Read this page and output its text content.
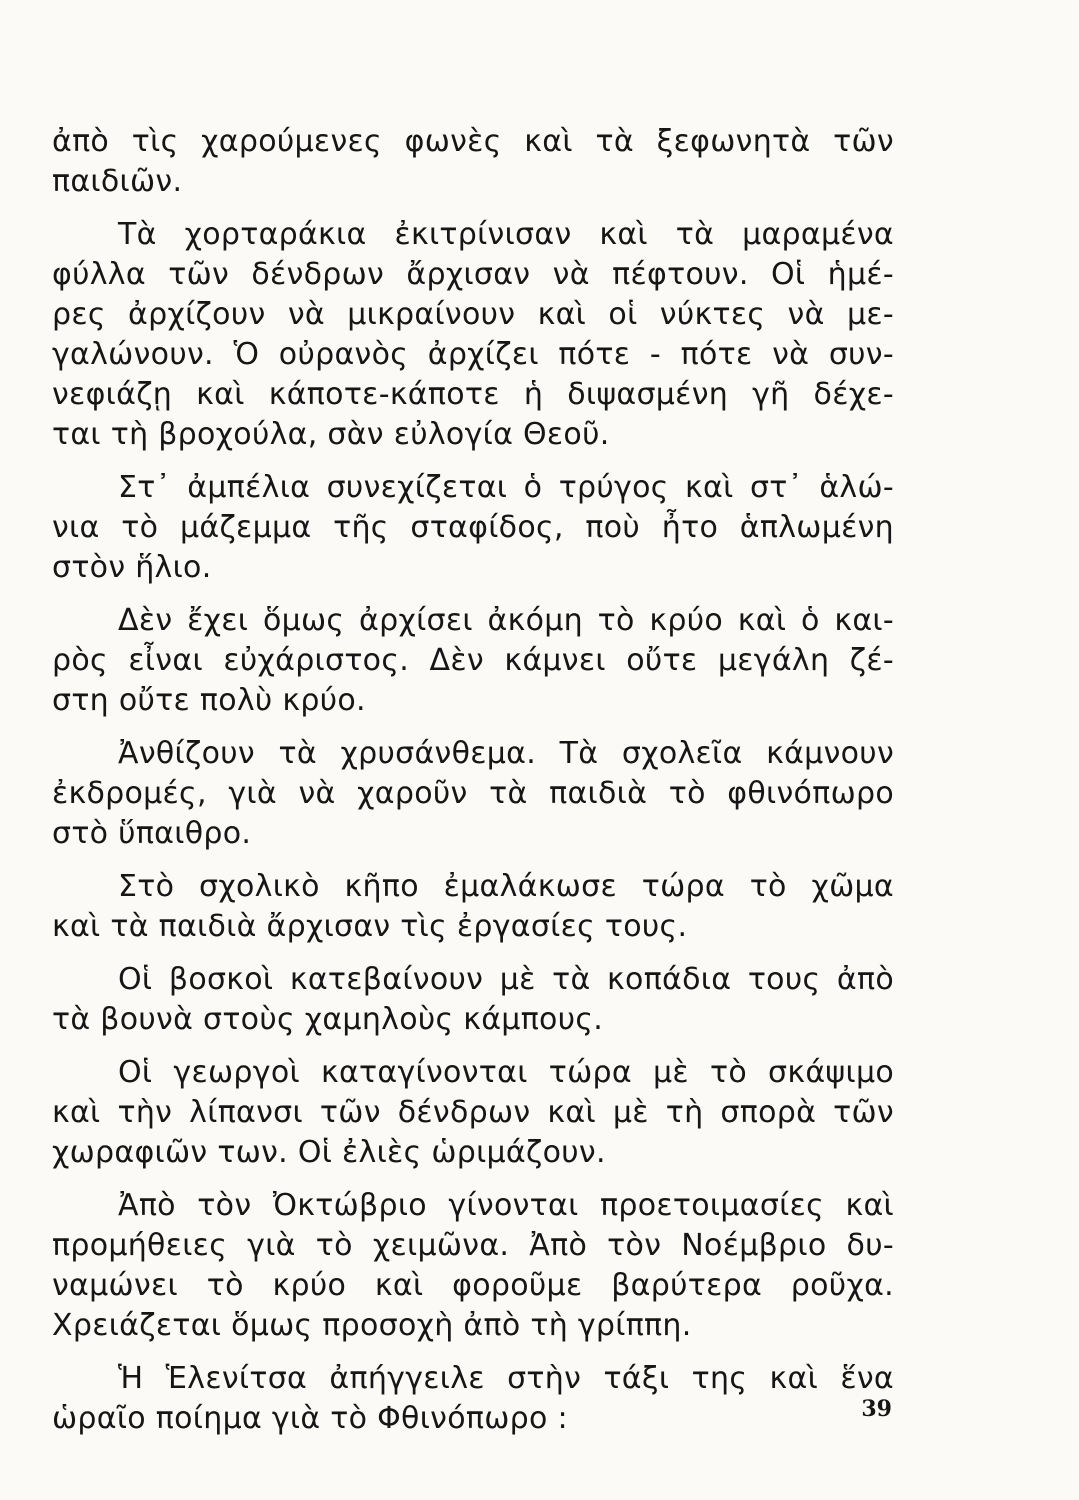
ἀπὸ τὶς χαρούμενες φωνὲς καὶ τὰ ξεφωνητὰ τῶν
παιδιῶν.
Τὰ χορταράκια ἐκιτρίνισαν καὶ τὰ μαραμένα
φύλλα τῶν δένδρων ἄρχισαν νὰ πέφτουν. Οἱ ἡμέ-
ρες ἀρχίζουν νὰ μικραίνουν καὶ οἱ νύκτες νὰ με-
γαλώνουν. Ὁ οὐρανὸς ἀρχίζει πότε - πότε νὰ συν-
νεφιάζῃ καὶ κάποτε-κάποτε ἡ διψασμένη γῆ δέχε-
ται τὴ βροχούλα, σὰν εὐλογία Θεοῦ.
Στ᾿ ἀμπέλια συνεχίζεται ὁ τρύγος καὶ στ᾿ ἁλώ-
νια τὸ μάζεμμα τῆς σταφίδος, ποὺ ἦτο ἁπλωμένη
στὸν ἥλιο.
Δὲν ἔχει ὅμως ἀρχίσει ἀκόμη τὸ κρύο καὶ ὁ και-
ρὸς εἶναι εὐχάριστος. Δὲν κάμνει οὔτε μεγάλη ζέ-
στη οὔτε πολὺ κρύο.
Ἀνθίζουν τὰ χρυσάνθεμα. Τὰ σχολεῖα κάμνουν
ἐκδρομές, γιὰ νὰ χαροῦν τὰ παιδιὰ τὸ φθινόπωρο
στὸ ὕπαιθρο.
Στὸ σχολικὸ κῆπο ἐμαλάκωσε τώρα τὸ χῶμα
καὶ τὰ παιδιὰ ἄρχισαν τὶς ἐργασίες τους.
Οἱ βοσκοὶ κατεβαίνουν μὲ τὰ κοπάδια τους ἀπὸ
τὰ βουνὰ στοὺς χαμηλοὺς κάμπους.
Οἱ γεωργοὶ καταγίνονται τώρα μὲ τὸ σκάψιμο
καὶ τὴν λίπανσι τῶν δένδρων καὶ μὲ τὴ σπορὰ τῶν
χωραφιῶν των. Οἱ ἐλιὲς ὡριμάζουν.
Ἀπὸ τὸν Ὀκτώβριο γίνονται προετοιμασίες καὶ
προμήθειες γιὰ τὸ χειμῶνα. Ἀπὸ τὸν Νοέμβριο δυ-
ναμώνει τὸ κρύο καὶ φοροῦμε βαρύτερα ροῦχα.
Χρειάζεται ὅμως προσοχὴ ἀπὸ τὴ γρίππη.
Ἡ Ἑλενίτσα ἀπήγγειλε στὴν τάξι της καὶ ἕνα
ὡραῖο ποίημα γιὰ τὸ Φθινόπωρο :	39
